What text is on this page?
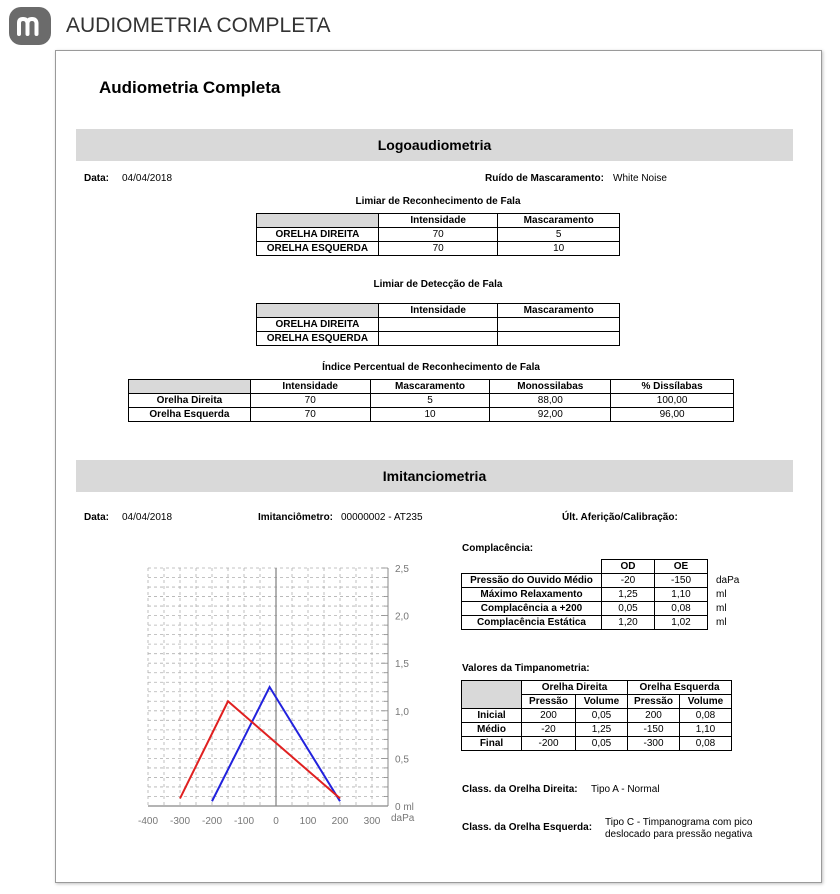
AUDIOMETRIA COMPLETA
Audiometria Completa
Logoaudiometria
Data: 04/04/2018	Ruído de Mascaramento: White Noise
Limiar de Reconhecimento de Fala
	Intensidade	Mascaramento
ORELHA DIREITA	70	5
ORELHA ESQUERDA	70	10
Limiar de Detecção de Fala
	Intensidade	Mascaramento
ORELHA DIREITA		
ORELHA ESQUERDA		
Índice Percentual de Reconhecimento de Fala
	Intensidade	Mascaramento	Monossilabas	% Dissílabas
Orelha Direita	70	5	88,00	100,00
Orelha Esquerda	70	10	92,00	96,00
Imitanciometria
Data: 04/04/2018	Imitanciômetro: 00000002 - AT235	Últ. Aferição/Calibração:
0,5
1,0
1,5
2,0
2,5
0 ml
-400 -300 -200 -100 0 100 200 300 daPa
Complacência:
	OD	OE	
Pressão do Ouvido Médio	-20	-150	daPa
Máximo Relaxamento	1,25	1,10	ml
Complacência a +200	0,05	0,08	ml
Complacência Estática	1,20	1,02	ml
Valores da Timpanometria:
	Orelha Direita		Orelha Esquerda	
	Pressão	Volume	Pressão	Volume
Inicial	200	0,05	200	0,08
Médio	-20	1,25	-150	1,10
Final	-200	0,05	-300	0,08
Class. da Orelha Direita: Tipo A - Normal
Class. da Orelha Esquerda: Tipo C - Timpanograma com pico
deslocado para pressão negativa
